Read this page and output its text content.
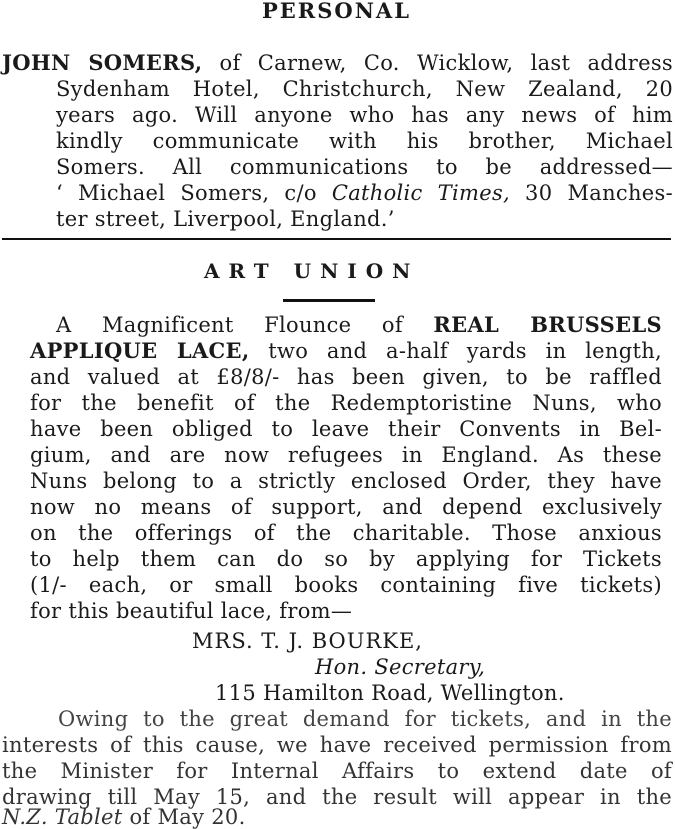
PERSONAL
JOHN SOMERS, of Carnew, Co. Wicklow, last address
Sydenham Hotel, Christchurch, New Zealand, 20
years ago. Will anyone who has any news of him
kindly communicate with his brother, Michael
Somers. All communications to be addressed—
‘ Michael Somers, c/o Catholic Times, 30 Manches-
ter street, Liverpool, England.’
ART UNION
A Magnificent Flounce of REAL BRUSSELS
APPLIQUE LACE, two and a-half yards in length,
and valued at £8/8/- has been given, to be raffled
for the benefit of the Redemptoristine Nuns, who
have been obliged to leave their Convents in Bel-
gium, and are now refugees in England. As these
Nuns belong to a strictly enclosed Order, they have
now no means of support, and depend exclusively
on the offerings of the charitable. Those anxious
to help them can do so by applying for Tickets
(1/- each, or small books containing five tickets)
for this beautiful lace, from—
MRS. T. J. BOURKE,
Hon. Secretary,
115 Hamilton Road, Wellington.
Owing to the great demand for tickets, and in the
interests of this cause, we have received permission from
the Minister for Internal Affairs to extend date of
drawing till May 15, and the result will appear in the
N.Z. Tablet of May 20.
